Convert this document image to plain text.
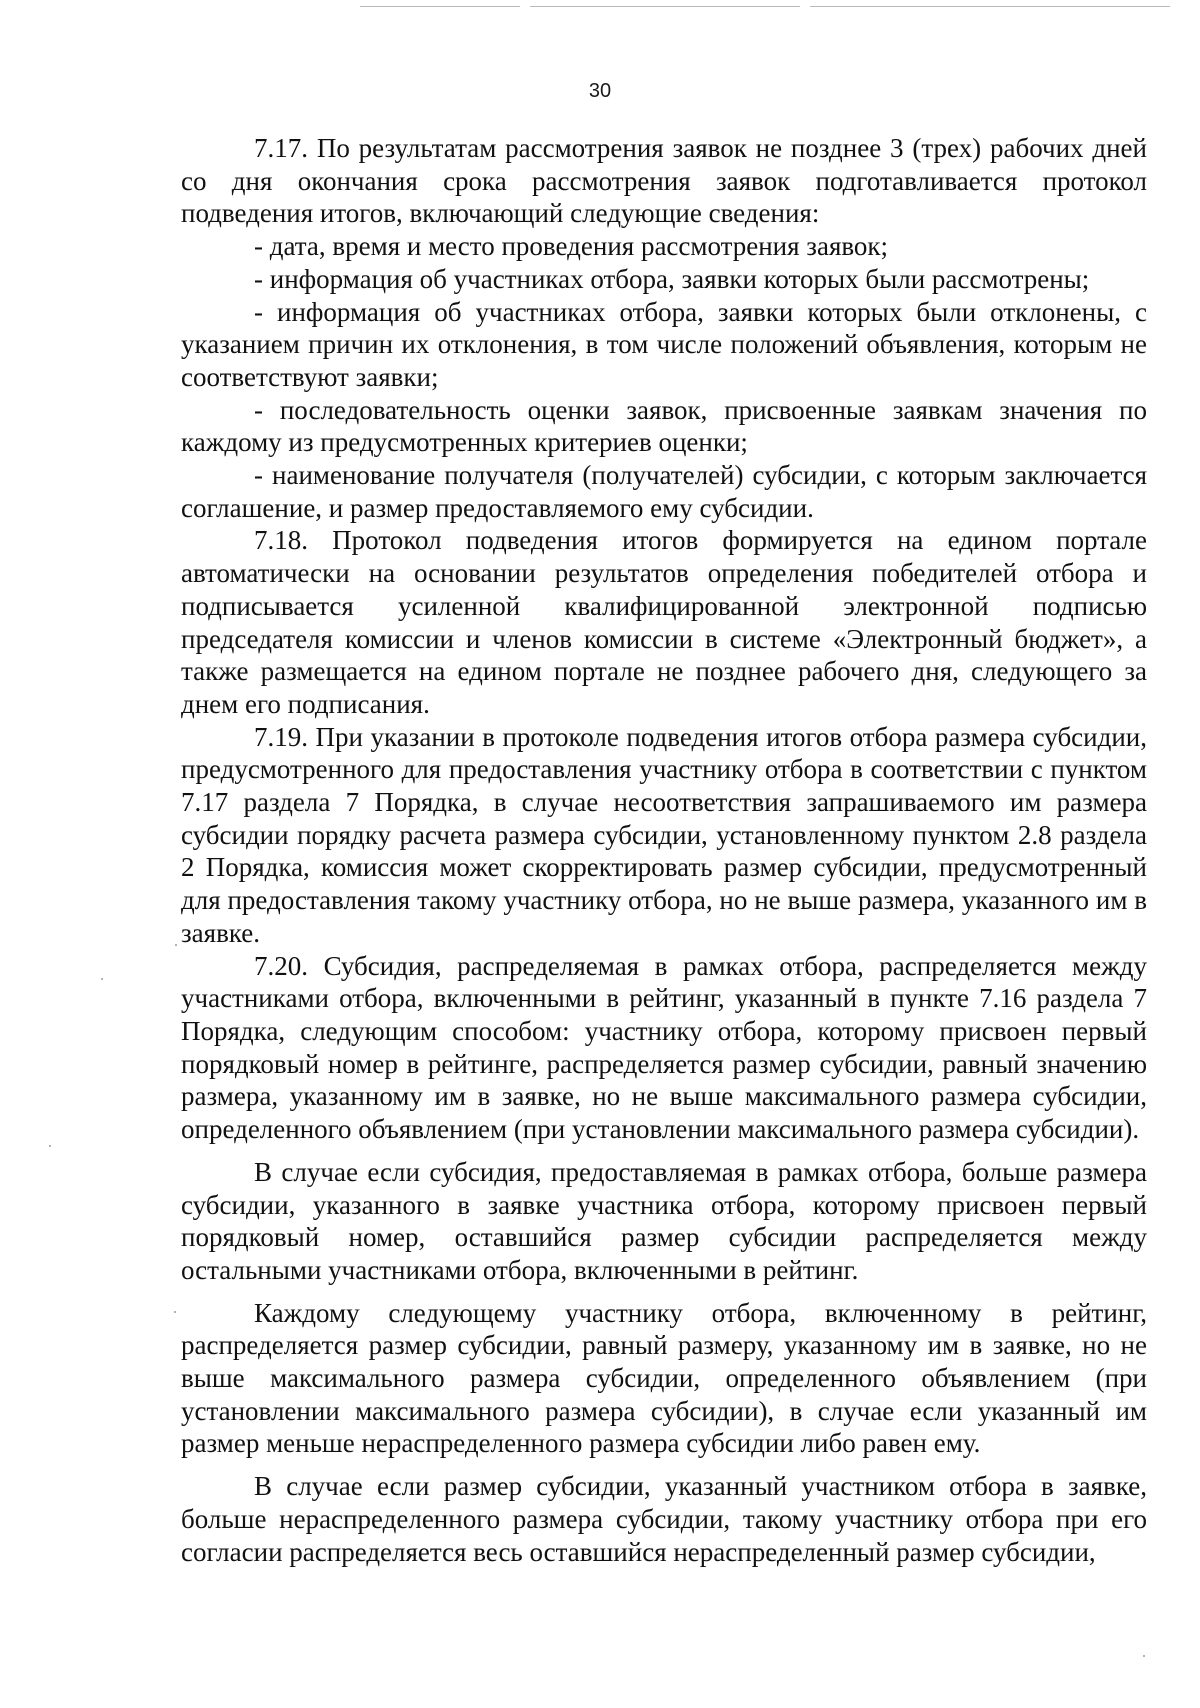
30

7.17. По результатам рассмотрения заявок не позднее 3 (трех) рабочих дней со дня окончания срока рассмотрения заявок подготавливается протокол подведения итогов, включающий следующие сведения:

- дата, время и место проведения рассмотрения заявок;

- информация об участниках отбора, заявки которых были рассмотрены;

- информация об участниках отбора, заявки которых были отклонены, с указанием причин их отклонения, в том числе положений объявления, которым не соответствуют заявки;

- последовательность оценки заявок, присвоенные заявкам значения по каждому из предусмотренных критериев оценки;

- наименование получателя (получателей) субсидии, с которым заключается соглашение, и размер предоставляемого ему субсидии.

7.18. Протокол подведения итогов формируется на едином портале автоматически на основании результатов определения победителей отбора и подписывается усиленной квалифицированной электронной подписью председателя комиссии и членов комиссии в системе «Электронный бюджет», а также размещается на едином портале не позднее рабочего дня, следующего за днем его подписания.

7.19. При указании в протоколе подведения итогов отбора размера субсидии, предусмотренного для предоставления участнику отбора в соответствии с пунктом 7.17 раздела 7 Порядка, в случае несоответствия запрашиваемого им размера субсидии порядку расчета размера субсидии, установленному пунктом 2.8 раздела 2 Порядка, комиссия может скорректировать размер субсидии, предусмотренный для предоставления такому участнику отбора, но не выше размера, указанного им в заявке.

7.20. Субсидия, распределяемая в рамках отбора, распределяется между участниками отбора, включенными в рейтинг, указанный в пункте 7.16 раздела 7 Порядка, следующим способом: участнику отбора, которому присвоен первый порядковый номер в рейтинге, распределяется размер субсидии, равный значению размера, указанному им в заявке, но не выше максимального размера субсидии, определенного объявлением (при установлении максимального размера субсидии).

В случае если субсидия, предоставляемая в рамках отбора, больше размера субсидии, указанного в заявке участника отбора, которому присвоен первый порядковый номер, оставшийся размер субсидии распределяется между остальными участниками отбора, включенными в рейтинг.

Каждому следующему участнику отбора, включенному в рейтинг, распределяется размер субсидии, равный размеру, указанному им в заявке, но не выше максимального размера субсидии, определенного объявлением (при установлении максимального размера субсидии), в случае если указанный им размер меньше нераспределенного размера субсидии либо равен ему.

В случае если размер субсидии, указанный участником отбора в заявке, больше нераспределенного размера субсидии, такому участнику отбора при его согласии распределяется весь оставшийся нераспределенный размер субсидии,
